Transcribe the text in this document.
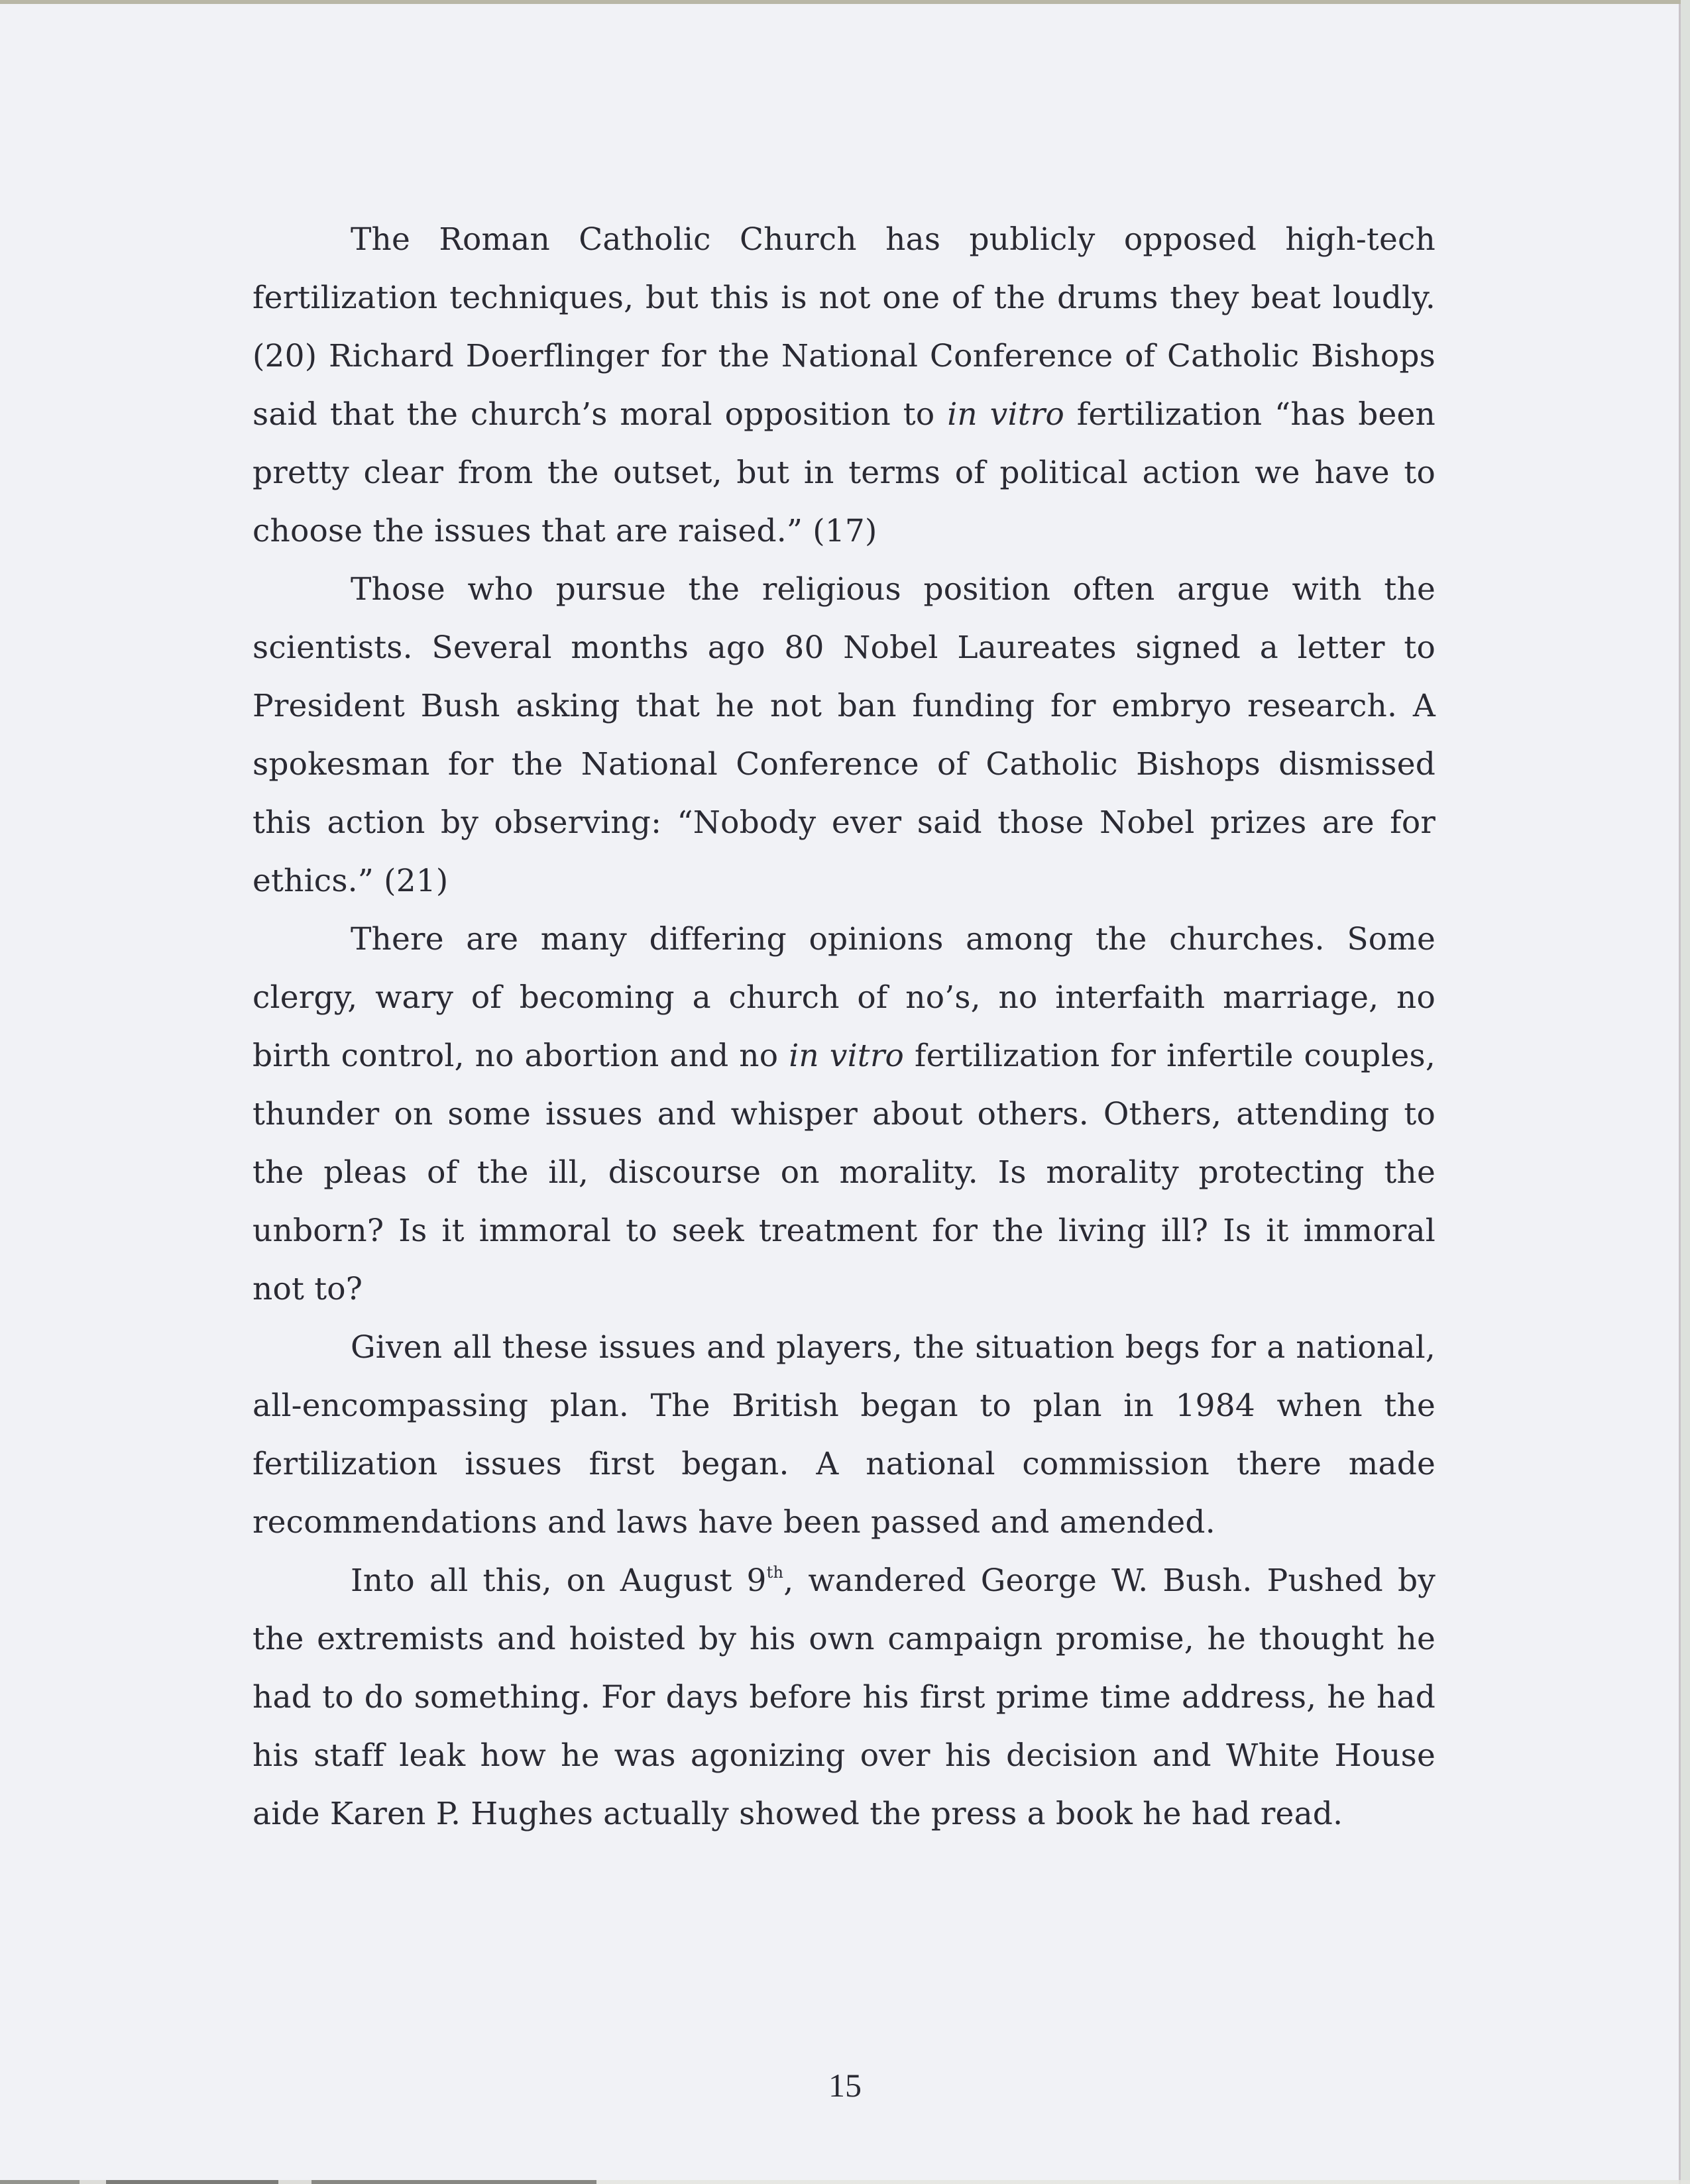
The Roman Catholic Church has publicly opposed high-tech fertilization techniques, but this is not one of the drums they beat loudly. (20) Richard Doerflinger for the National Conference of Catholic Bishops said that the church’s moral opposition to in vitro fertilization “has been pretty clear from the outset, but in terms of political action we have to choose the issues that are raised.” (17)

Those who pursue the religious position often argue with the scientists. Several months ago 80 Nobel Laureates signed a letter to President Bush asking that he not ban funding for embryo research. A spokesman for the National Conference of Catholic Bishops dismissed this action by observing: “Nobody ever said those Nobel prizes are for ethics.” (21)

There are many differing opinions among the churches. Some clergy, wary of becoming a church of no’s, no interfaith marriage, no birth control, no abortion and no in vitro fertilization for infertile couples, thunder on some issues and whisper about others. Others, attending to the pleas of the ill, discourse on morality. Is morality protecting the unborn? Is it immoral to seek treatment for the living ill? Is it immoral not to?

Given all these issues and players, the situation begs for a national, all-encompassing plan. The British began to plan in 1984 when the fertilization issues first began. A national commission there made recommendations and laws have been passed and amended.

Into all this, on August 9th, wandered George W. Bush. Pushed by the extremists and hoisted by his own campaign promise, he thought he had to do something. For days before his first prime time address, he had his staff leak how he was agonizing over his decision and White House aide Karen P. Hughes actually showed the press a book he had read.

15
